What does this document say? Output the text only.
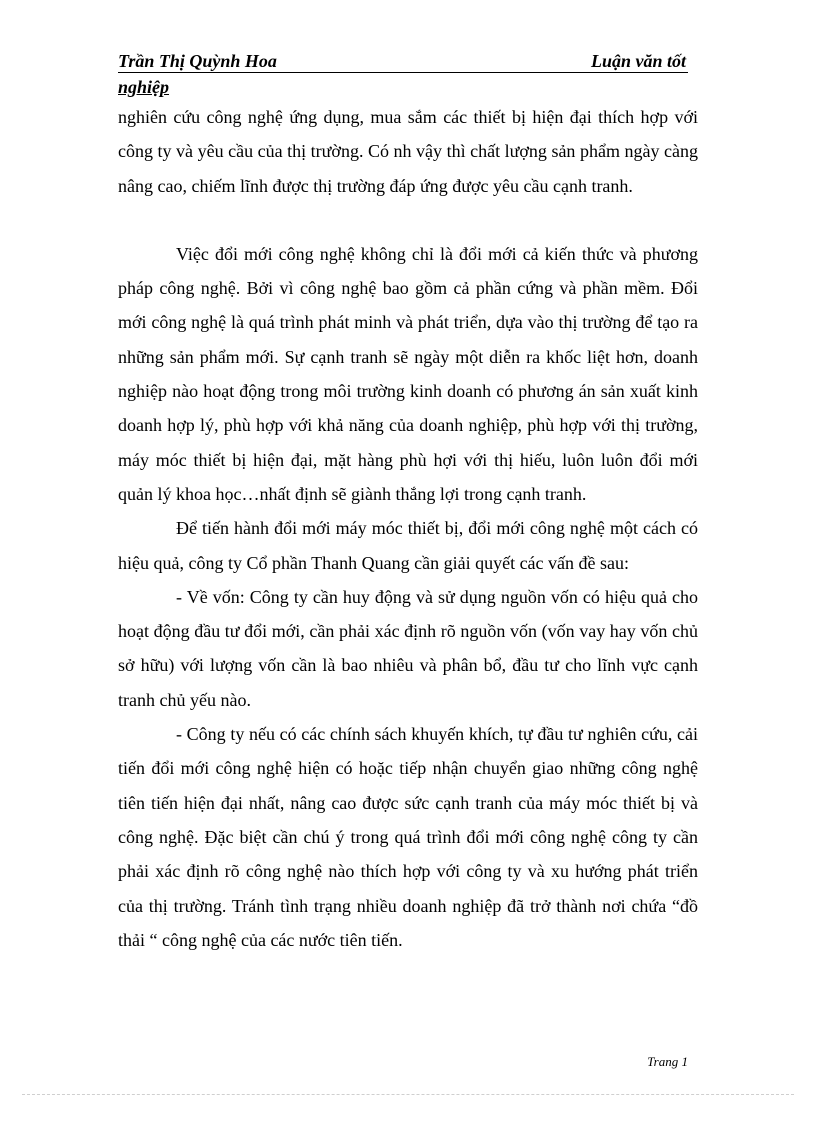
Trần Thị Quỳnh Hoa	Luận văn tốt
nghiệp

nghiên cứu công nghệ ứng dụng, mua sắm các thiết bị hiện đại thích hợp với công ty và yêu cầu của thị trường. Có nh vậy thì chất lượng sản phẩm ngày càng nâng cao, chiếm lĩnh được thị trường đáp ứng được yêu cầu cạnh tranh.

Việc đổi mới công nghệ không chỉ là đổi mới cả kiến thức và phương pháp công nghệ. Bởi vì công nghệ bao gồm cả phần cứng và phần mềm. Đổi mới công nghệ là quá trình phát minh và phát triển, dựa vào thị trường để tạo ra những sản phẩm mới. Sự cạnh tranh sẽ ngày một diễn ra khốc liệt hơn, doanh nghiệp nào hoạt động trong môi trường kinh doanh có phương án sản xuất kinh doanh hợp lý, phù hợp với khả năng của doanh nghiệp, phù hợp với thị trường, máy móc thiết bị hiện đại, mặt hàng phù hợi với thị hiếu, luôn luôn đổi mới quản lý khoa học…nhất định sẽ giành thắng lợi trong cạnh tranh.

Để tiến hành đổi mới máy móc thiết bị, đổi mới công nghệ một cách có hiệu quả, công ty Cổ phần Thanh Quang cần giải quyết các vấn đề sau:

- Về vốn: Công ty cần huy động và sử dụng nguồn vốn có hiệu quả cho hoạt động đầu tư đổi mới, cần phải xác định rõ nguồn vốn (vốn vay hay vốn chủ sở hữu) với lượng vốn cần là bao nhiêu và phân bổ, đầu tư cho lĩnh vực cạnh tranh chủ yếu nào.

- Công ty nếu có các chính sách khuyến khích, tự đầu tư nghiên cứu, cải tiến đổi mới công nghệ hiện có hoặc tiếp nhận chuyển giao những công nghệ tiên tiến hiện đại nhất, nâng cao được sức cạnh tranh của máy móc thiết bị và công nghệ. Đặc biệt cần chú ý trong quá trình đổi mới công nghệ công ty cần phải xác định rõ công nghệ nào thích hợp với công ty và xu hướng phát triển của thị trường. Tránh tình trạng nhiều doanh nghiệp đã trở thành nơi chứa “đồ thải “ công nghệ của các nước tiên tiến.

Trang 1
